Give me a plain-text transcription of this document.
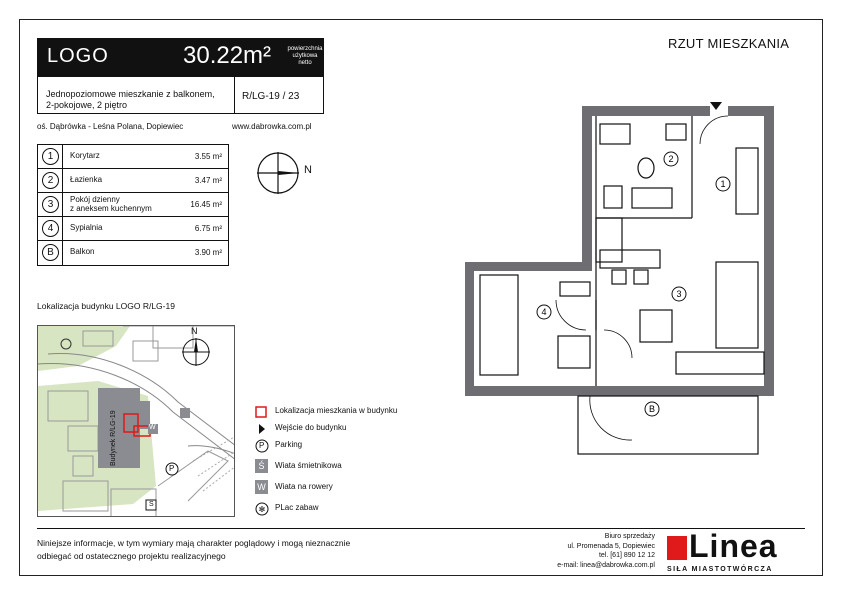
LOGO	30.22m²	powierzchnia
użytkowa
netto
Jednopoziomowe mieszkanie z balkonem,
2-pokojowe, 2 piętro
R/LG-19 / 23
oś. Dąbrówka - Leśna Polana, Dopiewiec	www.dabrowka.com.pl
1	Korytarz	3.55 m²
2	Łazienka	3.47 m²
3	Pokój dzienny
z aneksem kuchennym	16.45 m²
4	Sypialnia	6.75 m²
B	Balkon	3.90 m²
N
Lokalizacja budynku LOGO R/LG-19
N
Budynek R/LG-19	W
P
S
Lokalizacja mieszkania w budynku
Wejście do budynku
P Parking
Ś	Wiata śmietnikowa
W Wiata na rowery
✻ PLac zabaw
RZUT MIESZKANIA
1
2
3
4
B
Niniejsze informacje, w tym wymiary mają charakter poglądowy i mogą nieznacznie
odbiegać od ostatecznego projektu realizacyjnego
Biuro sprzedaży
ul. Promenada 5, Dopiewiec
tel. [61] 890 12 12
e-mail: linea@dabrowka.com.pl
Linea
SIŁA MIASTOTWÓRCZA
